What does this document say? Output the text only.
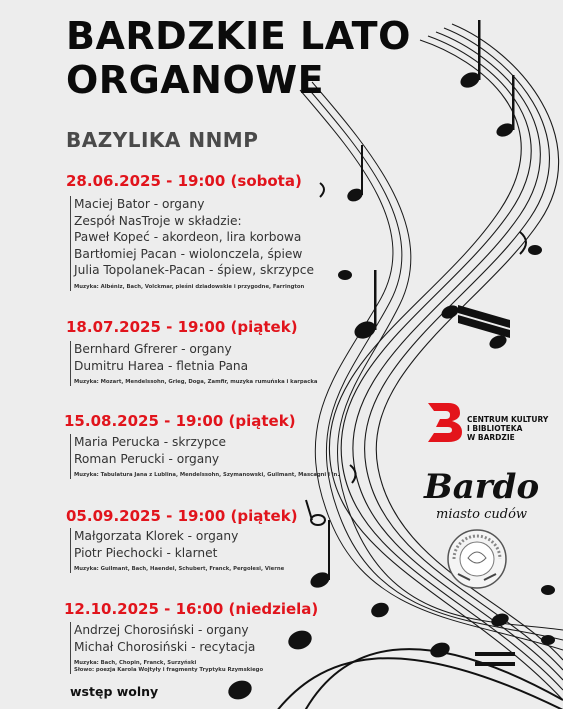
BARDZKIE LATO
ORGANOWE
BAZYLIKA NNMP
28.06.2025 - 19:00 (sobota)
Maciej Bator - organy
Zespół NasTroje w składzie:
Paweł Kopeć - akordeon, lira korbowa
Bartłomiej Pacan - wiolonczela, śpiew
Julia Topolanek-Pacan - śpiew, skrzypce
Muzyka: Albéniz, Bach, Volckmar, pieśni dziadowskie i przygodne, Farrington
18.07.2025 - 19:00 (piątek)
Bernhard Gfrerer - organy
Dumitru Harea - fletnia Pana
Muzyka: Mozart, Mendelssohn, Grieg, Doga, Zamfir, muzyka rumuńska i karpacka
15.08.2025 - 19:00 (piątek)
Maria Perucka - skrzypce
Roman Perucki - organy
Muzyka: Tabulatura Jana z Lublina, Mendelssohn, Szymanowski, Guilmant, Mascagni i in.
05.09.2025 - 19:00 (piątek)
Małgorzata Klorek - organy
Piotr Piechocki - klarnet
Muzyka: Guilmant, Bach, Haendel, Schubert, Franck, Pergolesi, Vierne
12.10.2025 - 16:00 (niedziela)
Andrzej Chorosiński - organy
Michał Chorosiński - recytacja
Muzyka: Bach, Chopin, Franck, Surzyński
Słowo: poezja Karola Wojtyły i fragmenty Tryptyku Rzymskiego
wstęp wolny
CENTRUM KULTURY
I BIBLIOTEKA
W BARDZIE
Bardo
miasto cudów
